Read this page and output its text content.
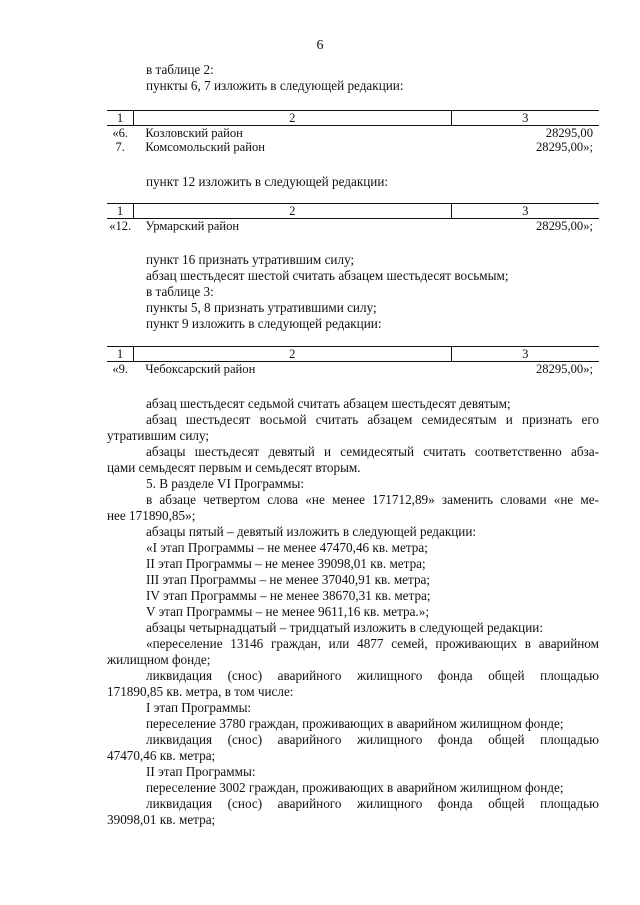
6
в таблице 2:
пункты 6, 7 изложить в следующей редакции:
1	2	3
«6.	Козловский район	28295,00
7.	Комсомольский район	28295,00»;
пункт 12 изложить в следующей редакции:
1	2	3
«12.	Урмарский район	28295,00»;
пункт 16 признать утратившим силу;
абзац шестьдесят шестой считать абзацем шестьдесят восьмым;
в таблице 3:
пункты 5, 8 признать утратившими силу;
пункт 9 изложить в следующей редакции:
1	2	3
«9.	Чебоксарский район	28295,00»;
абзац шестьдесят седьмой считать абзацем шестьдесят девятым;
абзац шестьдесят восьмой считать абзацем семидесятым и признать его
утратившим силу;
абзацы шестьдесят девятый и семидесятый считать соответственно абза-
цами семьдесят первым и семьдесят вторым.
5. В разделе VI Программы:
в абзаце четвертом слова «не менее 171712,89» заменить словами «не ме-
нее 171890,85»;
абзацы пятый – девятый изложить в следующей редакции:
«I этап Программы – не менее 47470,46 кв. метра;
II этап Программы – не менее 39098,01 кв. метра;
III этап Программы – не менее 37040,91 кв. метра;
IV этап Программы – не менее 38670,31 кв. метра;
V этап Программы – не менее 9611,16 кв. метра.»;
абзацы четырнадцатый – тридцатый изложить в следующей редакции:
«переселение 13146 граждан, или 4877 семей, проживающих в аварийном
жилищном фонде;
ликвидация (снос) аварийного жилищного фонда общей площадью
171890,85 кв. метра, в том числе:
I этап Программы:
переселение 3780 граждан, проживающих в аварийном жилищном фонде;
ликвидация (снос) аварийного жилищного фонда общей площадью
47470,46 кв. метра;
II этап Программы:
переселение 3002 граждан, проживающих в аварийном жилищном фонде;
ликвидация (снос) аварийного жилищного фонда общей площадью
39098,01 кв. метра;
